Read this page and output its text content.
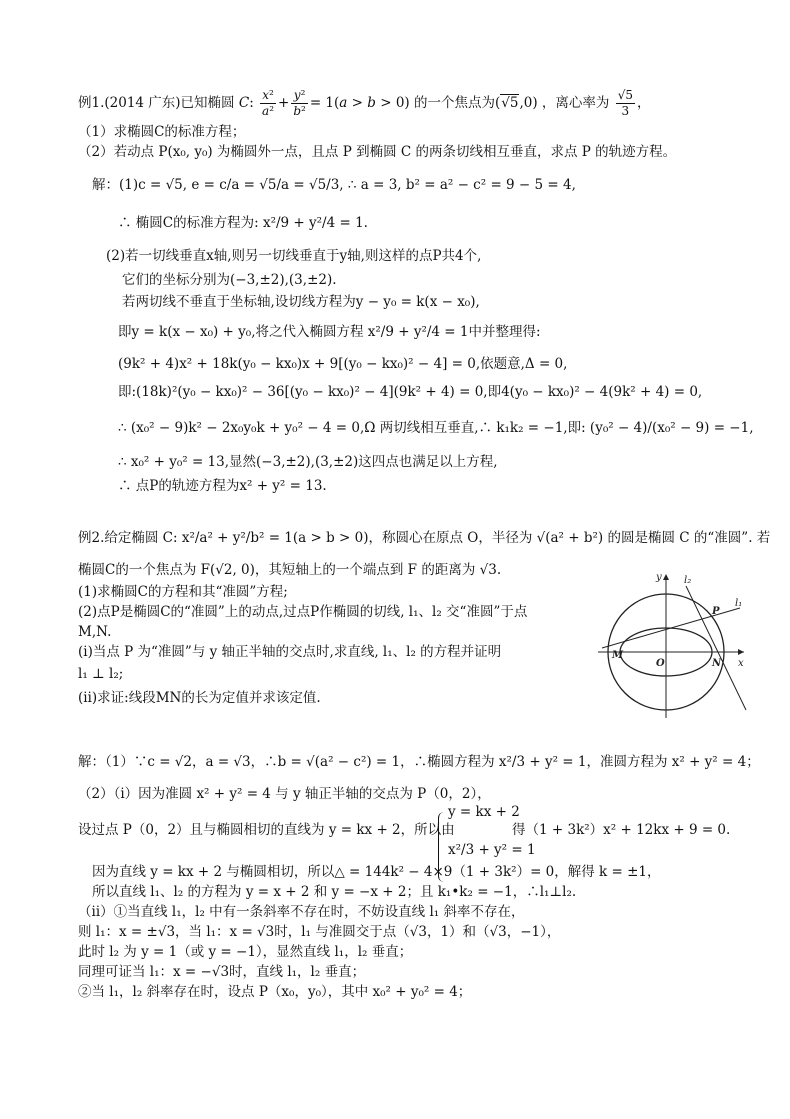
例1.(2014 广东)已知椭圆 C: $\frac{\text{x²}}{\text{a²}} + \frac{\text{y²}}{\text{b²}} = 1(a > b > 0)$ 的一个焦点为(√5,0) ，离心率为 $\frac{√5}{3}$ ，
（1）求椭圆C的标准方程；
（2）若动点 P(x₀, y₀) 为椭圆外一点，且点 P 到椭圆 C 的两条切线相互垂直，求点 P 的轨迹方程。
解：(1)c = √5, e = c/a = √5/a = √5/3, ∴ a = 3, b² = a² − c² = 9 − 5 = 4,
∴ 椭圆C的标准方程为: x²/9 + y²/4 = 1.
(2)若一切线垂直x轴,则另一切线垂直于y轴,则这样的点P共4个,
它们的坐标分别为(−3,±2),(3,±2).
若两切线不垂直于坐标轴,设切线方程为y − y₀ = k(x − x₀),
即y = k(x − x₀) + y₀,将之代入椭圆方程 x²/9 + y²/4 = 1中并整理得:
(9k² + 4)x² + 18k(y₀ − kx₀)x + 9[(y₀ − kx₀)² − 4] = 0,依题意,Δ = 0,
即:(18k)²(y₀ − kx₀)² − 36[(y₀ − kx₀)² − 4](9k² + 4) = 0,即4(y₀ − kx₀)² − 4(9k² + 4) = 0,
∴ (x₀² − 9)k² − 2x₀y₀k + y₀² − 4 = 0,Ω 两切线相互垂直,∴ k₁k₂ = −1,即: (y₀² − 4)/(x₀² − 9) = −1,
∴ x₀² + y₀² = 13,显然(−3,±2),(3,±2)这四点也满足以上方程,
∴ 点P的轨迹方程为x² + y² = 13.
例2.给定椭圆 C: x²/a² + y²/b² = 1(a > b > 0)，称圆心在原点 O，半径为 √(a² + b²) 的圆是椭圆 C 的“准圆”. 若
椭圆C的一个焦点为 F(√2, 0)，其短轴上的一个端点到 F 的距离为 √3.
(1)求椭圆C的方程和其“准圆”方程;
(2)点P是椭圆C的“准圆”上的动点,过点P作椭圆的切线, l₁、l₂ 交“准圆”于点
M,N.
(ⅰ)当点 P 为“准圆”与 y 轴正半轴的交点时,求直线, l₁、l₂ 的方程并证明
l₁ ⊥ l₂;
(ⅱ)求证:线段MN的长为定值并求该定值.
y l₂
P
l₁
M
O	N x
解：（1）∵c = √2，a = √3，∴b = √(a² − c²) = 1，∴椭圆方程为 x²/3 + y² = 1，准圆方程为 x² + y² = 4；
（2）（ⅰ）因为准圆 x² + y² = 4 与 y 轴正半轴的交点为 P（0，2），
设过点 P（0，2）且与椭圆相切的直线为 y = kx + 2，所以由
y = kx + 2
x²/3 + y² = 1
得（1 + 3k²）x² + 12kx + 9 = 0.
因为直线 y = kx + 2 与椭圆相切，所以△ = 144k² − 4×9（1 + 3k²）= 0，解得 k = ±1，
所以直线 l₁、l₂ 的方程为 y = x + 2 和 y = −x + 2；且 k₁•k₂ = −1，∴l₁⊥l₂.
（ⅱ）①当直线 l₁，l₂ 中有一条斜率不存在时，不妨设直线 l₁ 斜率不存在，
则 l₁：x = ±√3，当 l₁：x = √3时，l₁ 与准圆交于点（√3，1）和（√3，−1），
此时 l₂ 为 y = 1（或 y = −1），显然直线 l₁，l₂ 垂直；
同理可证当 l₁：x = −√3时，直线 l₁，l₂ 垂直；
②当 l₁，l₂ 斜率存在时，设点 P（x₀，y₀），其中 x₀² + y₀² = 4；
